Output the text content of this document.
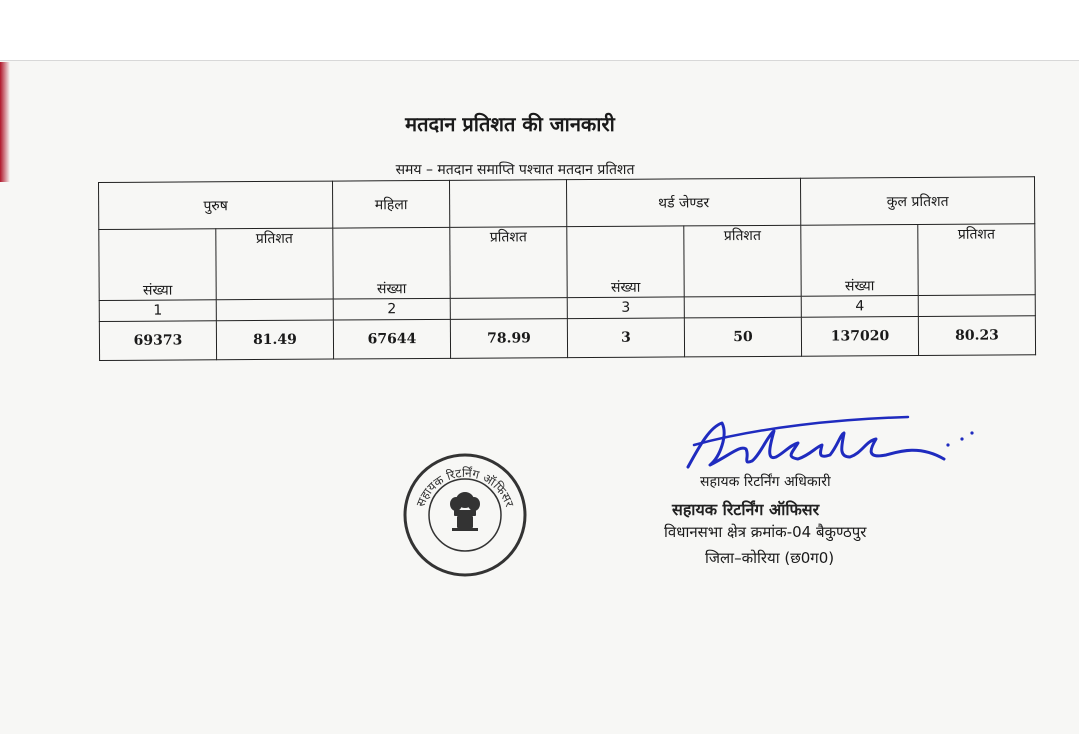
मतदान प्रतिशत की जानकारी
समय – मतदान समाप्ति पश्चात मतदान प्रतिशत
पुरुष		महिला		थर्ड जेण्डर		कुल प्रतिशत	
संख्या	प्रतिशत	संख्या	प्रतिशत	संख्या	प्रतिशत	संख्या	प्रतिशत
1		2		3		4	
69373	81.49	67644	78.99	3	50	137020	80.23
सहायक रिटर्निंग ऑफिसर
सहायक रिटर्निंग अधिकारी
सहायक रिटर्निंग ऑफिसर
विधानसभा क्षेत्र क्रमांक-04 बैकुण्ठपुर
जिला–कोरिया (छ0ग0)
